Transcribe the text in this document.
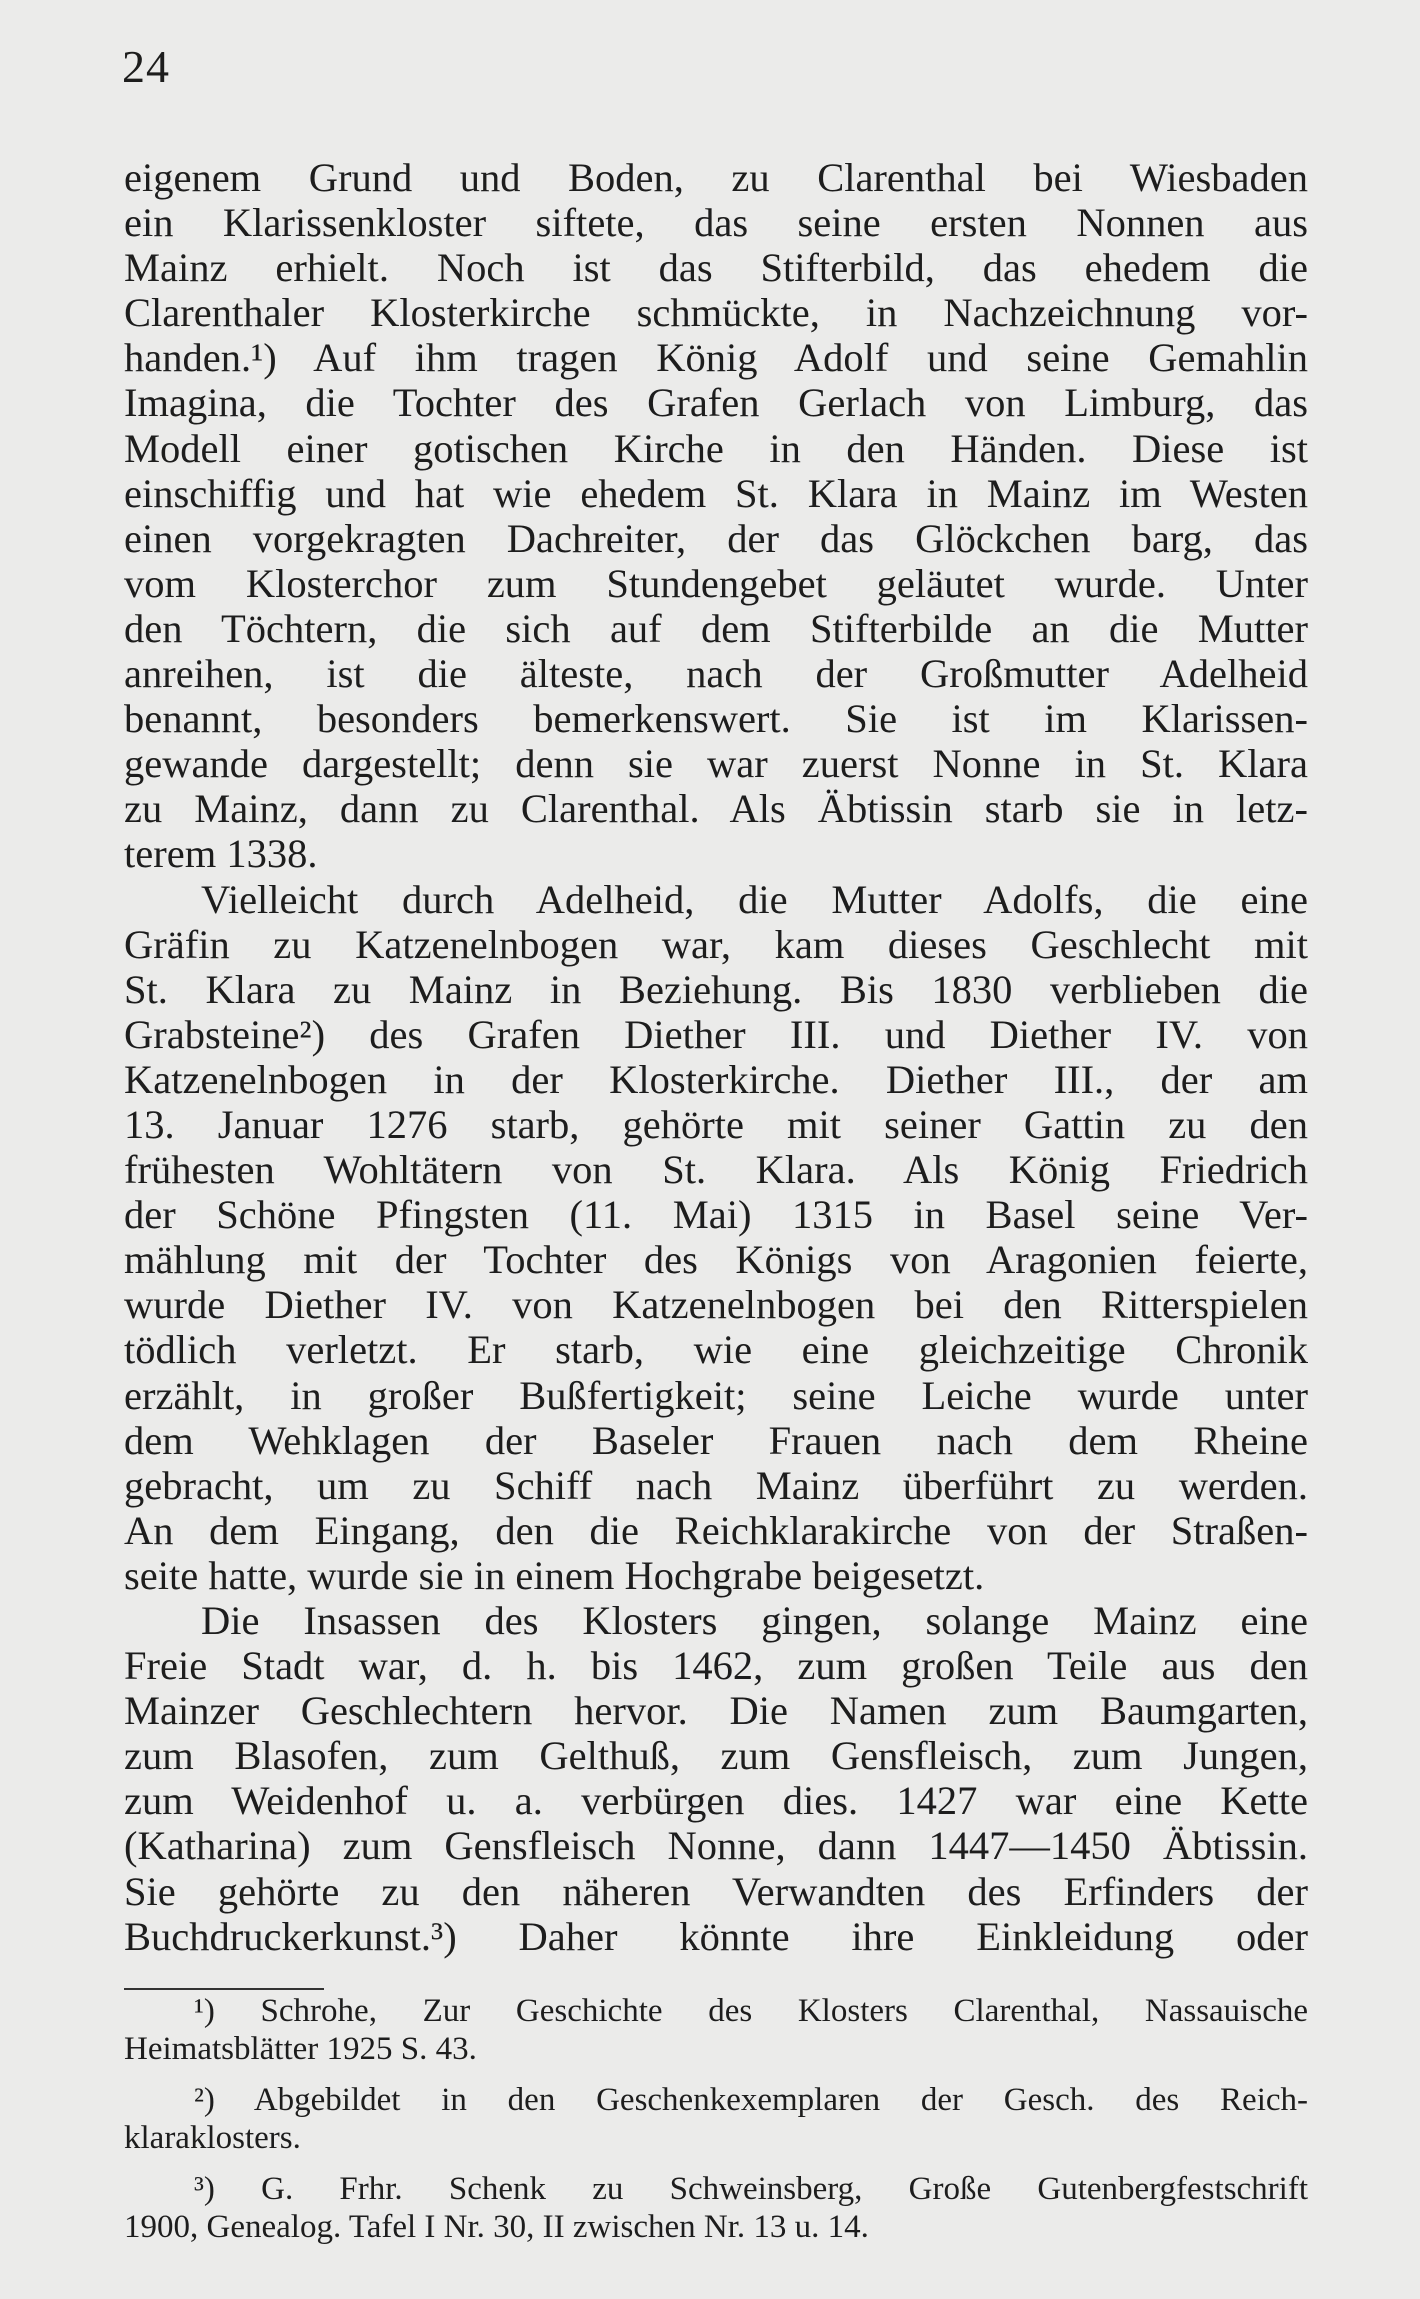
24
eigenem Grund und Boden, zu Clarenthal bei Wiesbaden
ein Klarissenkloster siftete, das seine ersten Nonnen aus
Mainz erhielt. Noch ist das Stifterbild, das ehedem die
Clarenthaler Klosterkirche schmückte, in Nachzeichnung vor-
handen.¹) Auf ihm tragen König Adolf und seine Gemahlin
Imagina, die Tochter des Grafen Gerlach von Limburg, das
Modell einer gotischen Kirche in den Händen. Diese ist
einschiffig und hat wie ehedem St. Klara in Mainz im Westen
einen vorgekragten Dachreiter, der das Glöckchen barg, das
vom Klosterchor zum Stundengebet geläutet wurde. Unter
den Töchtern, die sich auf dem Stifterbilde an die Mutter
anreihen, ist die älteste, nach der Großmutter Adelheid
benannt, besonders bemerkenswert. Sie ist im Klarissen-
gewande dargestellt; denn sie war zuerst Nonne in St. Klara
zu Mainz, dann zu Clarenthal. Als Äbtissin starb sie in letz-
terem 1338.
Vielleicht durch Adelheid, die Mutter Adolfs, die eine
Gräfin zu Katzenelnbogen war, kam dieses Geschlecht mit
St. Klara zu Mainz in Beziehung. Bis 1830 verblieben die
Grabsteine²) des Grafen Diether III. und Diether IV. von
Katzenelnbogen in der Klosterkirche. Diether III., der am
13. Januar 1276 starb, gehörte mit seiner Gattin zu den
frühesten Wohltätern von St. Klara. Als König Friedrich
der Schöne Pfingsten (11. Mai) 1315 in Basel seine Ver-
mählung mit der Tochter des Königs von Aragonien feierte,
wurde Diether IV. von Katzenelnbogen bei den Ritterspielen
tödlich verletzt. Er starb, wie eine gleichzeitige Chronik
erzählt, in großer Bußfertigkeit; seine Leiche wurde unter
dem Wehklagen der Baseler Frauen nach dem Rheine
gebracht, um zu Schiff nach Mainz überführt zu werden.
An dem Eingang, den die Reichklarakirche von der Straßen-
seite hatte, wurde sie in einem Hochgrabe beigesetzt.
Die Insassen des Klosters gingen, solange Mainz eine
Freie Stadt war, d. h. bis 1462, zum großen Teile aus den
Mainzer Geschlechtern hervor. Die Namen zum Baumgarten,
zum Blasofen, zum Gelthuß, zum Gensfleisch, zum Jungen,
zum Weidenhof u. a. verbürgen dies. 1427 war eine Kette
(Katharina) zum Gensfleisch Nonne, dann 1447—1450 Äbtissin.
Sie gehörte zu den näheren Verwandten des Erfinders der
Buchdruckerkunst.³) Daher könnte ihre Einkleidung oder
¹) Schrohe, Zur Geschichte des Klosters Clarenthal, Nassauische
Heimatsblätter 1925 S. 43.
²) Abgebildet in den Geschenkexemplaren der Gesch. des Reich-
klaraklosters.
³) G. Frhr. Schenk zu Schweinsberg, Große Gutenbergfestschrift
1900, Genealog. Tafel I Nr. 30, II zwischen Nr. 13 u. 14.
